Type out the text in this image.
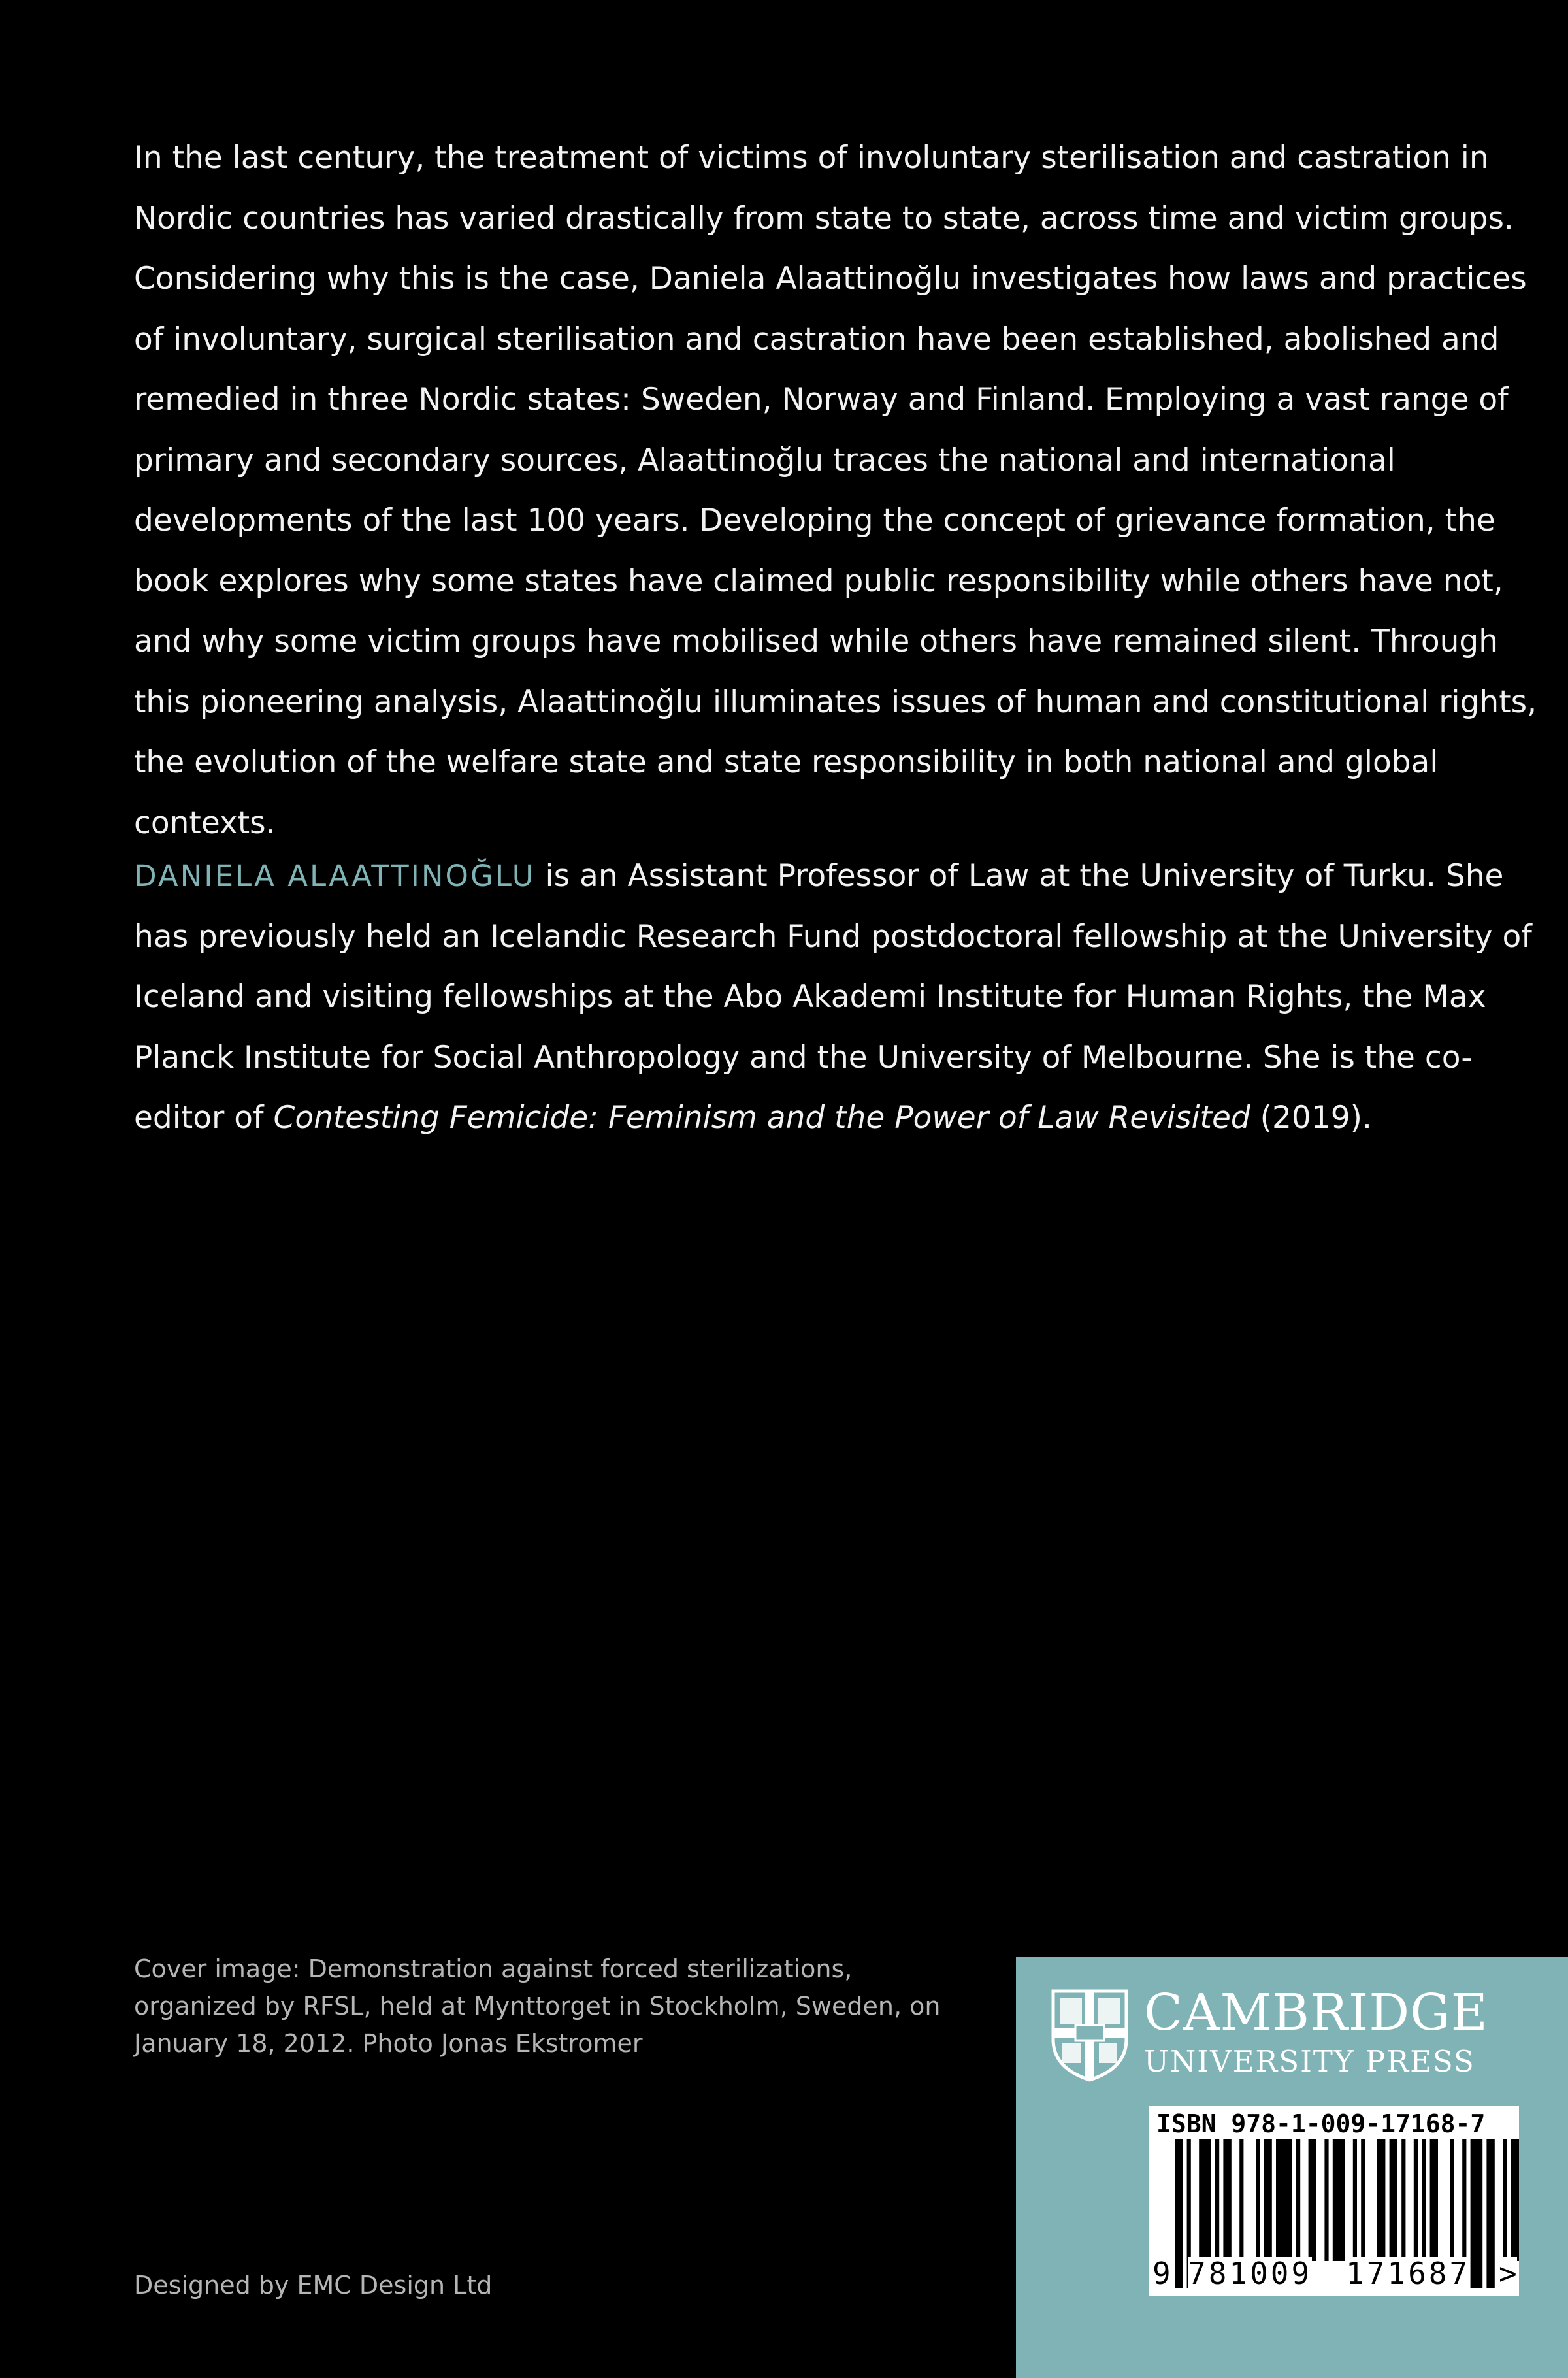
In the last century, the treatment of victims of involuntary sterilisation and castration in Nordic countries has varied drastically from state to state, across time and victim groups. Considering why this is the case, Daniela Alaattinoğlu investigates how laws and practices of involuntary, surgical sterilisation and castration have been established, abolished and remedied in three Nordic states: Sweden, Norway and Finland. Employing a vast range of primary and secondary sources, Alaattinoğlu traces the national and international developments of the last 100 years. Developing the concept of grievance formation, the book explores why some states have claimed public responsibility while others have not, and why some victim groups have mobilised while others have remained silent. Through this pioneering analysis, Alaattinoğlu illuminates issues of human and constitutional rights, the evolution of the welfare state and state responsibility in both national and global contexts.

DANIELA ALAATTINOĞLU is an Assistant Professor of Law at the University of Turku. She has previously held an Icelandic Research Fund postdoctoral fellowship at the University of Iceland and visiting fellowships at the Abo Akademi Institute for Human Rights, the Max Planck Institute for Social Anthropology and the University of Melbourne. She is the co-editor of Contesting Femicide: Feminism and the Power of Law Revisited (2019).

Cover image: Demonstration against forced sterilizations, organized by RFSL, held at Mynttorget in Stockholm, Sweden, on January 18, 2012. Photo Jonas Ekstromer

Designed by EMC Design Ltd
CAMBRIDGE
UNIVERSITY PRESS
ISBN 978-1-009-17168-7
9 781009 171687 >
